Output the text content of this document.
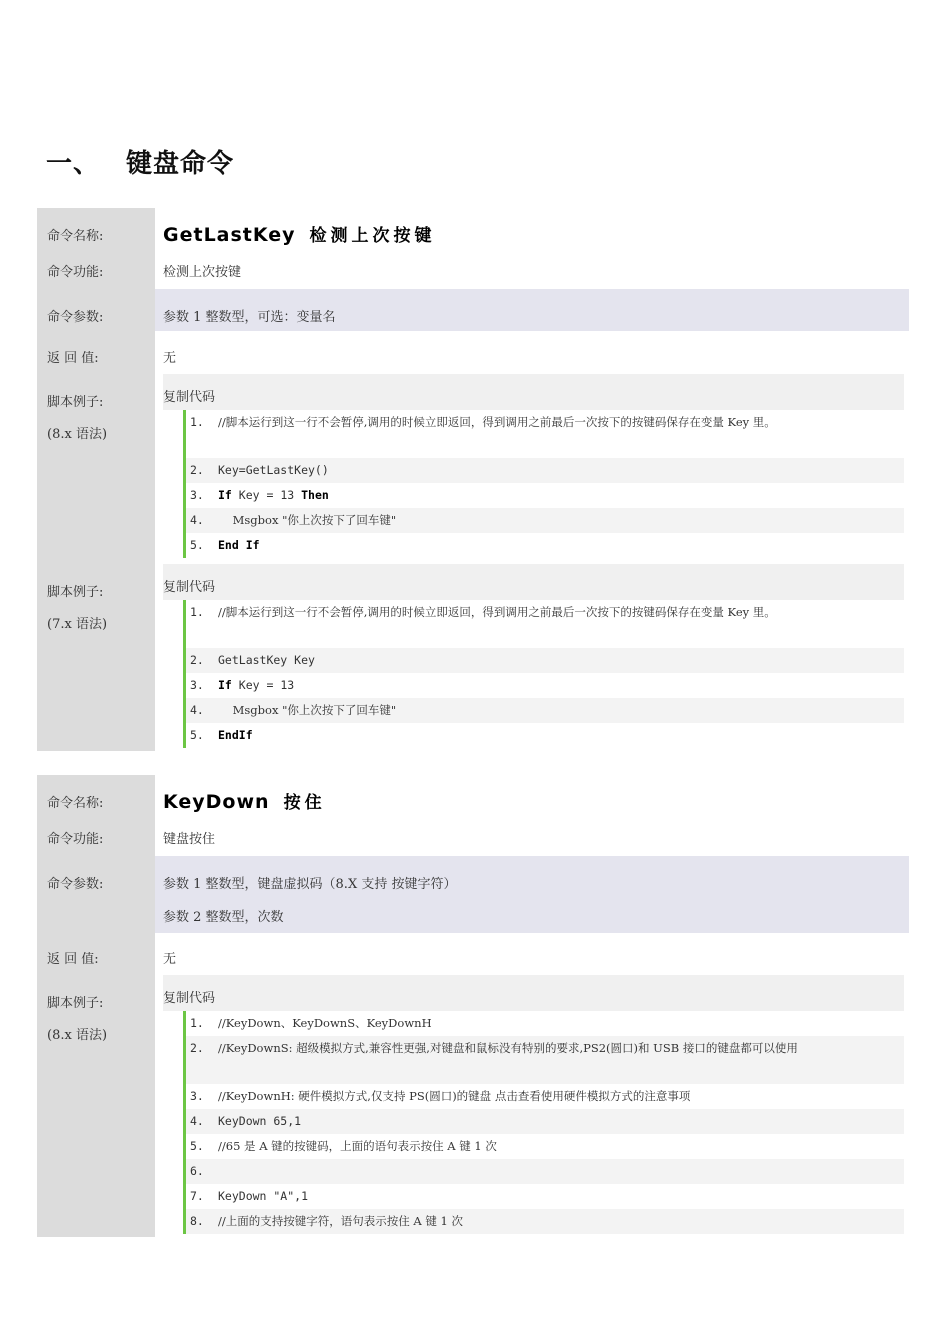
一、 键盘命令
命令名称:	GetLastKey 检测上次按键
命令功能:	检测上次按键
命令参数:	参数 1 整数型，可选：变量名
返 回 值:	无
脚本例子:
(8.x 语法)
复制代码
1.	//脚本运行到这一行不会暂停,调用的时候立即返回，得到调用之前最后一次按下的按键码保存在变量 Key 里。
2.	Key=GetLastKey()
3.	If Key = 13 Then
4.	Msgbox "你上次按下了回车键"
5.	End If
脚本例子:
(7.x 语法)
复制代码
1.	//脚本运行到这一行不会暂停,调用的时候立即返回，得到调用之前最后一次按下的按键码保存在变量 Key 里。
2.	GetLastKey Key
3.	If Key = 13
4.	Msgbox "你上次按下了回车键"
5.	EndIf
命令名称:	KeyDown 按住
命令功能:	键盘按住
命令参数:	参数 1 整数型，键盘虚拟码（8.X 支持 按键字符）
参数 2 整数型，次数
返 回 值:	无
脚本例子:
(8.x 语法)
复制代码
1.	//KeyDown、KeyDownS、KeyDownH
2.	//KeyDownS: 超级模拟方式,兼容性更强,对键盘和鼠标没有特别的要求,PS2(圆口)和 USB 接口的键盘都可以使用
3.	//KeyDownH: 硬件模拟方式,仅支持 PS(圆口)的键盘 点击查看使用硬件模拟方式的注意事项
4.	KeyDown 65,1
5.	//65 是 A 键的按键码，上面的语句表示按住 A 键 1 次
6.
7.	KeyDown "A",1
8.	//上面的支持按键字符，语句表示按住 A 键 1 次
